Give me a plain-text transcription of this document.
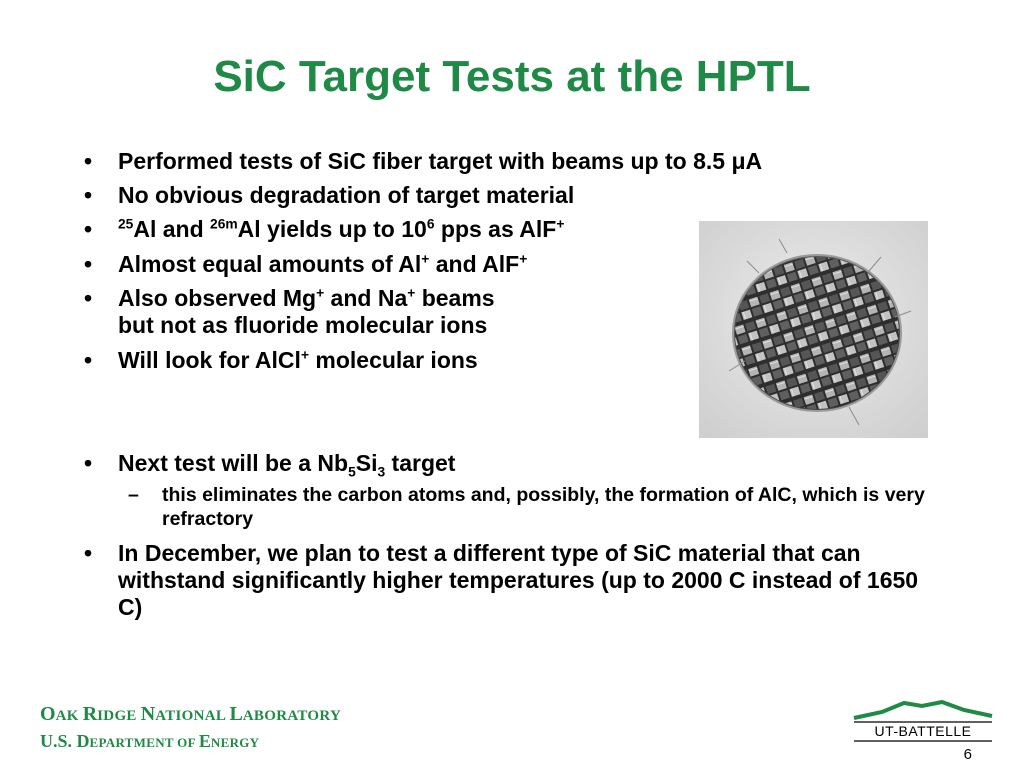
SiC Target Tests at the HPTL
•	Performed tests of SiC fiber target with beams up to 8.5 μA
•	No obvious degradation of target material
•	$^{25}$Al and $^{26m}$Al yields up to $10^6$ pps as AlF+
•	Almost equal amounts of Al+ and AlF+
•	Also observed Mg+ and Na+ beams
but not as fluoride molecular ions
•	Will look for AlCl+ molecular ions
•	Next test will be a $Nb_5Si_3$ target
– this eliminates the carbon atoms and, possibly, the formation of AlC, which is very refractory
•	In December, we plan to test a different type of SiC material that can withstand significantly higher temperatures (up to 2000 C instead of 1650 C)
OAK RIDGE NATIONAL LABORATORY
U.S. DEPARTMENT OF ENERGY
UT-BATTELLE
6
